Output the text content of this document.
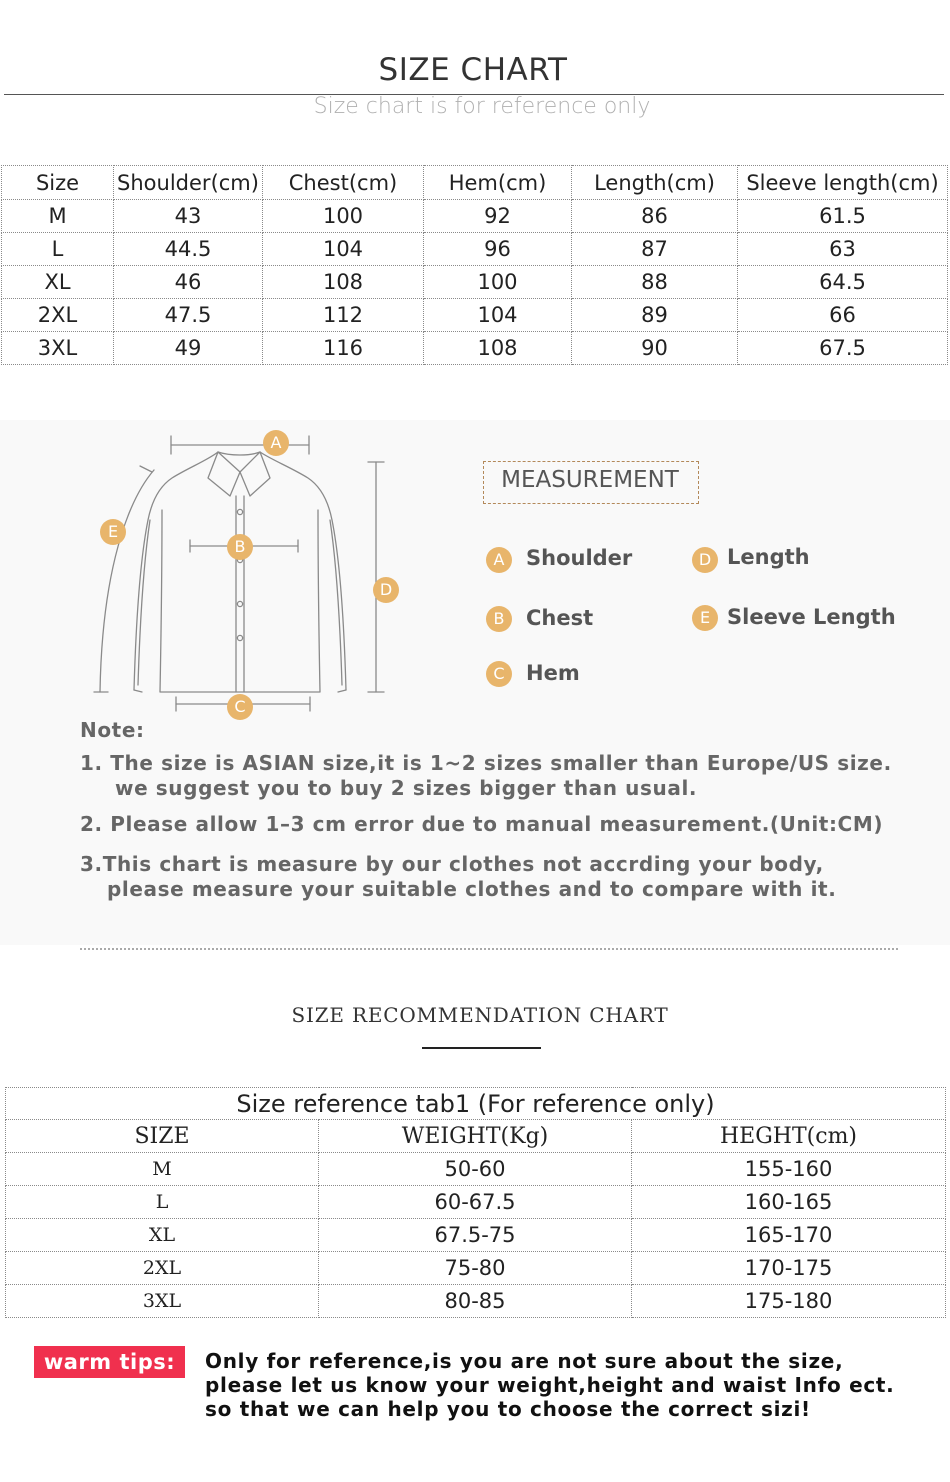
SIZE CHART
Size chart is for reference only
Size	Shoulder(cm)	Chest(cm)	Hem(cm)	Length(cm)	Sleeve length(cm)
M	43	100	92	86	61.5
L	44.5	104	96	87	63
XL	46	108	100	88	64.5
2XL	47.5	112	104	89	66
3XL	49	116	108	90	67.5
A
B
C
D
E
MEASUREMENT
A	Shoulder
B	Chest
C	Hem
D Length
E Sleeve Length
Note:
1. The size is ASIAN size,it is 1~2 sizes smaller than Europe/US size.
we suggest you to buy 2 sizes bigger than usual.
2. Please allow 1–3 cm error due to manual measurement.(Unit:CM)
3.This chart is measure by our clothes not accrding your body,
please measure your suitable clothes and to compare with it.
SIZE RECOMMENDATION CHART
Size reference tab1 (For reference only)		
SIZE	WEIGHT(Kg)	HEGHT(cm)
M	50-60	155-160
L	60-67.5	160-165
XL	67.5-75	165-170
2XL	75-80	170-175
3XL	80-85	175-180
warm tips:	Only for reference,is you are not sure about the size,
please let us know your weight,height and waist Info ect.
so that we can help you to choose the correct sizi!
